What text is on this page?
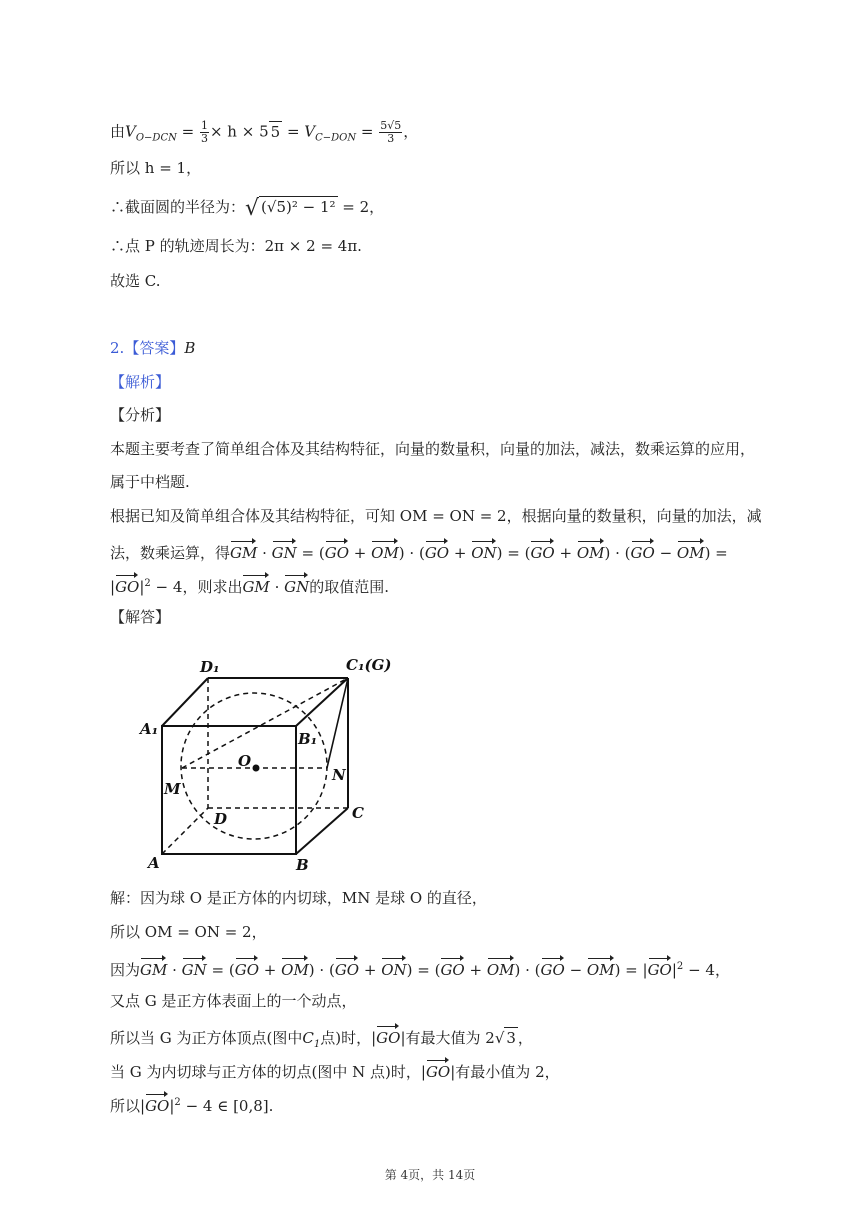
由$V_{O-DCN} = \frac{1}{3} \times h \times 5$ $5 = V_{C-DON} = \frac{5√5}{3}$ ，
所以 h = 1，
∴截面圆的半径为：√ (√5)² − 1² = 2，
∴点 P 的轨迹周长为：2π × 2 = 4π.
故选 C.
2.【答案】B
【解析】
【分析】
本题主要考查了简单组合体及其结构特征，向量的数量积，向量的加法，减法，数乘运算的应用，
属于中档题.
根据已知及简单组合体及其结构特征，可知 OM = ON = 2，根据向量的数量积，向量的加法，减
法，数乘运算，得GM · GN = (GO + OM) · (GO + ON) = (GO + OM) · (GO − OM) =
$|GO|^2 - 4$，则求出GM · GN的取值范围.
【解答】
D₁	C₁(G)
A₁
B₁
O
M
N
D	C
A	B
解：因为球 O 是正方体的内切球，MN 是球 O 的直径，
所以 OM = ON = 2，
因为GM · GN = $(GO + OM) \cdot (GO + ON) = (GO + OM) \cdot (GO - OM) = |GO|^2 - 4$，
又点 G 是正方体表面上的一个动点，
所以当 G 为正方体顶点(图中$C_1$点)时，|GO|有最大值为 2√ 3 ，
当 G 为内切球与正方体的切点(图中 N 点)时，|GO|有最小值为 2，
所以$|GO|^2 - 4$ ∈ [0,8].
第 4页，共 14页
